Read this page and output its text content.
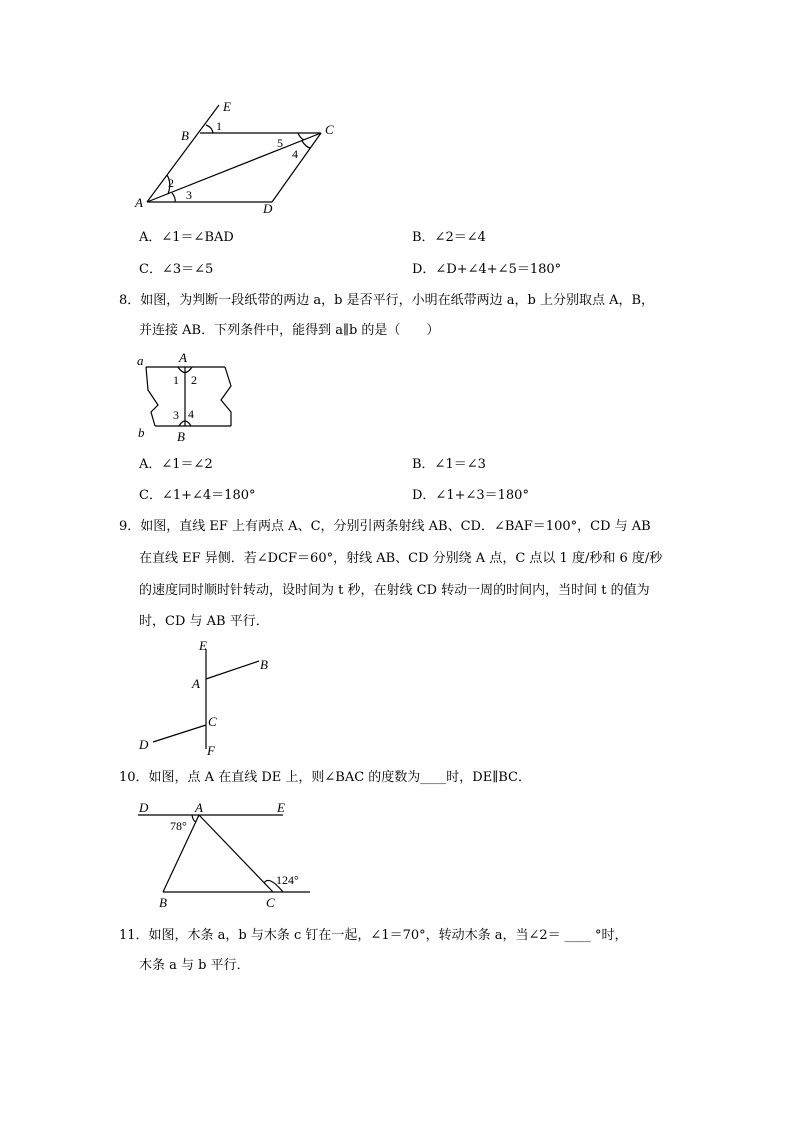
E
B	C
A	D
1
2
3
4
5
A．∠1＝∠BAD	B．∠2＝∠4
C．∠3＝∠5	D．∠D+∠4+∠5＝180°
8．如图，为判断一段纸带的两边 a，b 是否平行，小明在纸带两边 a，b 上分别取点 A，B，
并连接 AB．下列条件中，能得到 a∥b 的是（　　）
a
b
A
B
1 2
3 4
A．∠1＝∠2	B．∠1＝∠3
C．∠1+∠4＝180°	D．∠1+∠3＝180°
9．如图，直线 EF 上有两点 A、C，分别引两条射线 AB、CD．∠BAF＝100°，CD 与 AB
在直线 EF 异侧．若∠DCF＝60°，射线 AB、CD 分别绕 A 点，C 点以 1 度/秒和 6 度/秒
的速度同时顺时针转动，设时间为 t 秒，在射线 CD 转动一周的时间内，当时间 t 的值为
时，CD 与 AB 平行．
E
B
A
C
D	F
10．如图，点 A 在直线 DE 上，则∠BAC 的度数为____时，DE∥BC．
D	A	E
B	C
78°
124°
11．如图，木条 a，b 与木条 c 钉在一起，∠1＝70°，转动木条 a，当∠2＝ ____ °时，
木条 a 与 b 平行．
